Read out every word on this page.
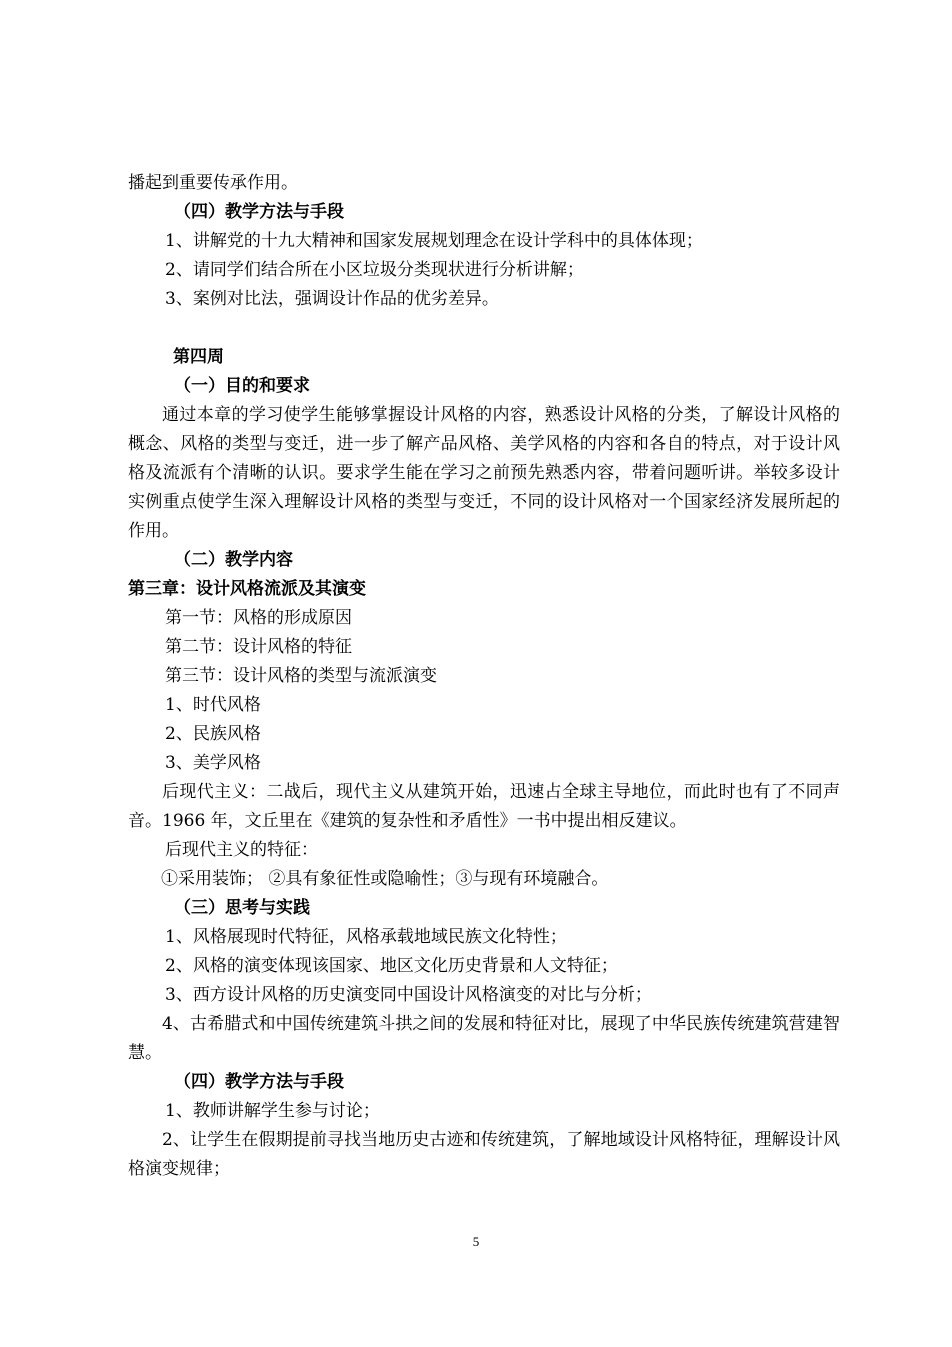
播起到重要传承作用。
（四）教学方法与手段
1、讲解党的十九大精神和国家发展规划理念在设计学科中的具体体现；
2、请同学们结合所在小区垃圾分类现状进行分析讲解；
3、案例对比法，强调设计作品的优劣差异。
第四周
（一）目的和要求

通过本章的学习使学生能够掌握设计风格的内容，熟悉设计风格的分类，了解设计风格的概念、风格的类型与变迁，进一步了解产品风格、美学风格的内容和各自的特点，对于设计风格及流派有个清晰的认识。要求学生能在学习之前预先熟悉内容，带着问题听讲。举较多设计实例重点使学生深入理解设计风格的类型与变迁，不同的设计风格对一个国家经济发展所起的作用。

（二）教学内容
第三章：设计风格流派及其演变
第一节：风格的形成原因
第二节：设计风格的特征
第三节：设计风格的类型与流派演变
1、时代风格
2、民族风格
3、美学风格

后现代主义：二战后，现代主义从建筑开始，迅速占全球主导地位，而此时也有了不同声音。1966 年，文丘里在《建筑的复杂性和矛盾性》一书中提出相反建议。

后现代主义的特征：
①采用装饰； ②具有象征性或隐喻性；③与现有环境融合。
（三）思考与实践
1、风格展现时代特征，风格承载地域民族文化特性；
2、风格的演变体现该国家、地区文化历史背景和人文特征；
3、西方设计风格的历史演变同中国设计风格演变的对比与分析；

4、古希腊式和中国传统建筑斗拱之间的发展和特征对比，展现了中华民族传统建筑营建智慧。

（四）教学方法与手段
1、教师讲解学生参与讨论；

2、让学生在假期提前寻找当地历史古迹和传统建筑，了解地域设计风格特征，理解设计风格演变规律；

5
